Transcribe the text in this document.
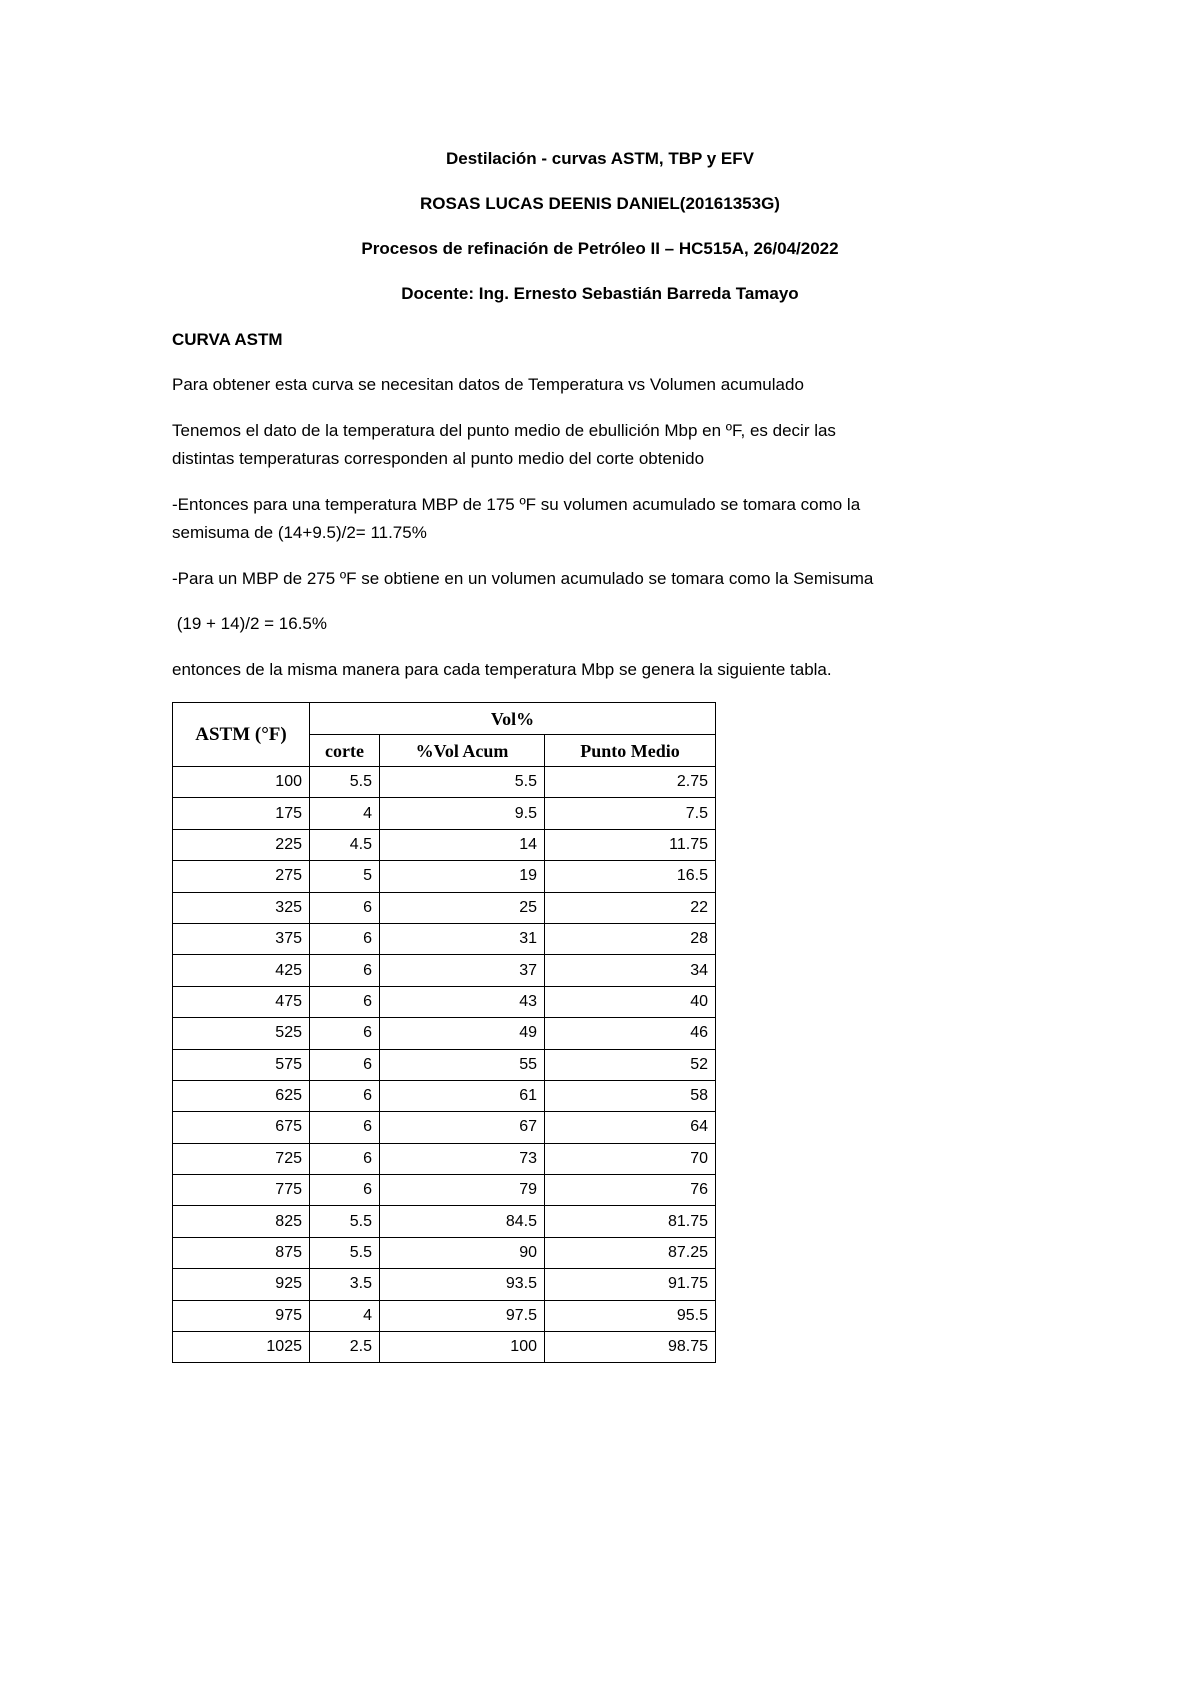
Destilación - curvas ASTM, TBP y EFV
ROSAS LUCAS DEENIS DANIEL(20161353G)
Procesos de refinación de Petróleo II – HC515A, 26/04/2022
Docente: Ing. Ernesto Sebastián Barreda Tamayo
CURVA ASTM
Para obtener esta curva se necesitan datos de Temperatura vs Volumen acumulado
Tenemos el dato de la temperatura del punto medio de ebullición Mbp en ºF, es decir las
distintas temperaturas corresponden al punto medio del corte obtenido
-Entonces para una temperatura MBP de 175 ºF su volumen acumulado se tomara como la
semisuma de (14+9.5)/2= 11.75%
-Para un MBP de 275 ºF se obtiene en un volumen acumulado se tomara como la Semisuma
(19 + 14)/2 = 16.5%
entonces de la misma manera para cada temperatura Mbp se genera la siguiente tabla.
ASTM (°F)	Vol%		
	corte	%Vol Acum	Punto Medio
100	5.5	5.5	2.75
175	4	9.5	7.5
225	4.5	14	11.75
275	5	19	16.5
325	6	25	22
375	6	31	28
425	6	37	34
475	6	43	40
525	6	49	46
575	6	55	52
625	6	61	58
675	6	67	64
725	6	73	70
775	6	79	76
825	5.5	84.5	81.75
875	5.5	90	87.25
925	3.5	93.5	91.75
975	4	97.5	95.5
1025	2.5	100	98.75
